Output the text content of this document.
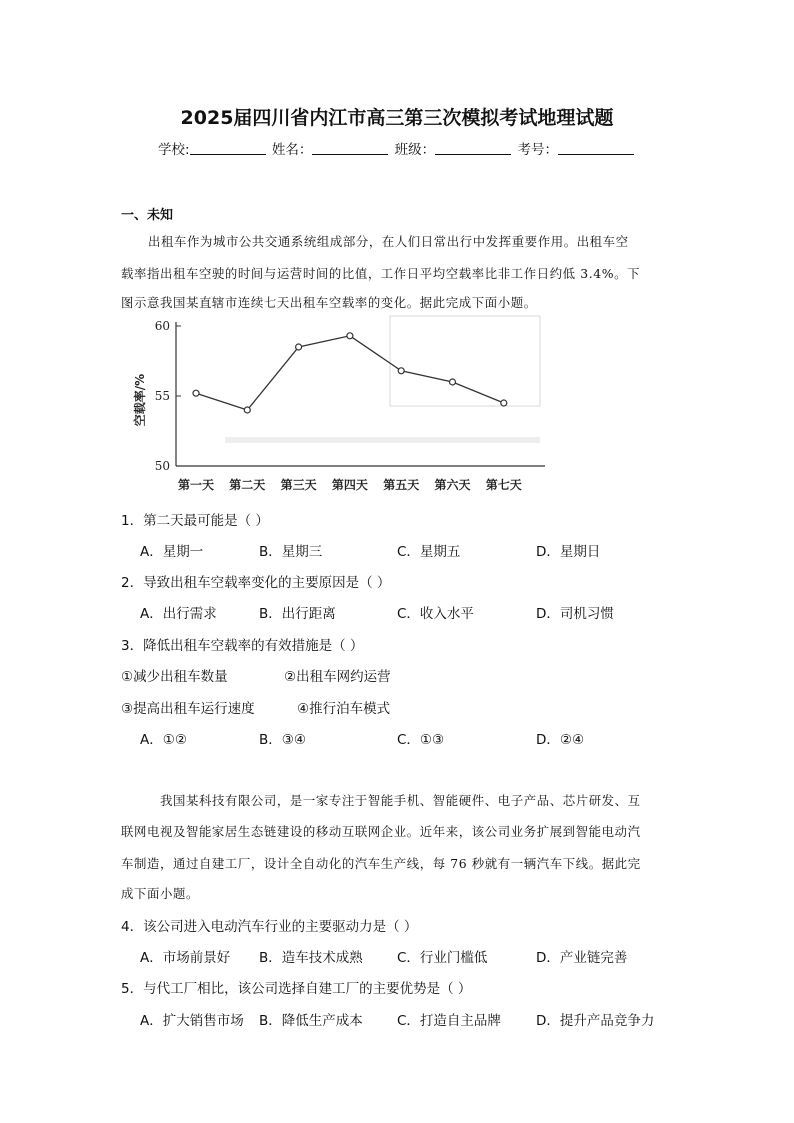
2025届四川省内江市高三第三次模拟考试地理试题
学校:	姓名：	班级：	考号：
一、未知
出租车作为城市公共交通系统组成部分，在人们日常出行中发挥重要作用。出租车空
载率指出租车空驶的时间与运营时间的比值，工作日平均空载率比非工作日约低 3.4%。下
图示意我国某直辖市连续七天出租车空载率的变化。据此完成下面小题。
60
55
50
空载率/%
第一天 第二天 第三天 第四天 第五天 第六天 第七天
1．第二天最可能是（ ）
A．星期一	B．星期三	C．星期五	D．星期日
2．导致出租车空载率变化的主要原因是（ ）
A．出行需求	B．出行距离	C．收入水平	D．司机习惯
3．降低出租车空载率的有效措施是（ ）
①减少出租车数量	②出租车网约运营
③提高出租车运行速度	④推行泊车模式
A．①②	B．③④	C．①③	D．②④
我国某科技有限公司，是一家专注于智能手机、智能硬件、电子产品、芯片研发、互
联网电视及智能家居生态链建设的移动互联网企业。近年来，该公司业务扩展到智能电动汽
车制造，通过自建工厂，设计全自动化的汽车生产线，每 76 秒就有一辆汽车下线。据此完
成下面小题。
4．该公司进入电动汽车行业的主要驱动力是（ ）
A．市场前景好 B．造车技术成熟	C．行业门槛低	D．产业链完善
5．与代工厂相比，该公司选择自建工厂的主要优势是（ ）
A．扩大销售市场 B．降低生产成本	C．打造自主品牌	D．提升产品竞争力
